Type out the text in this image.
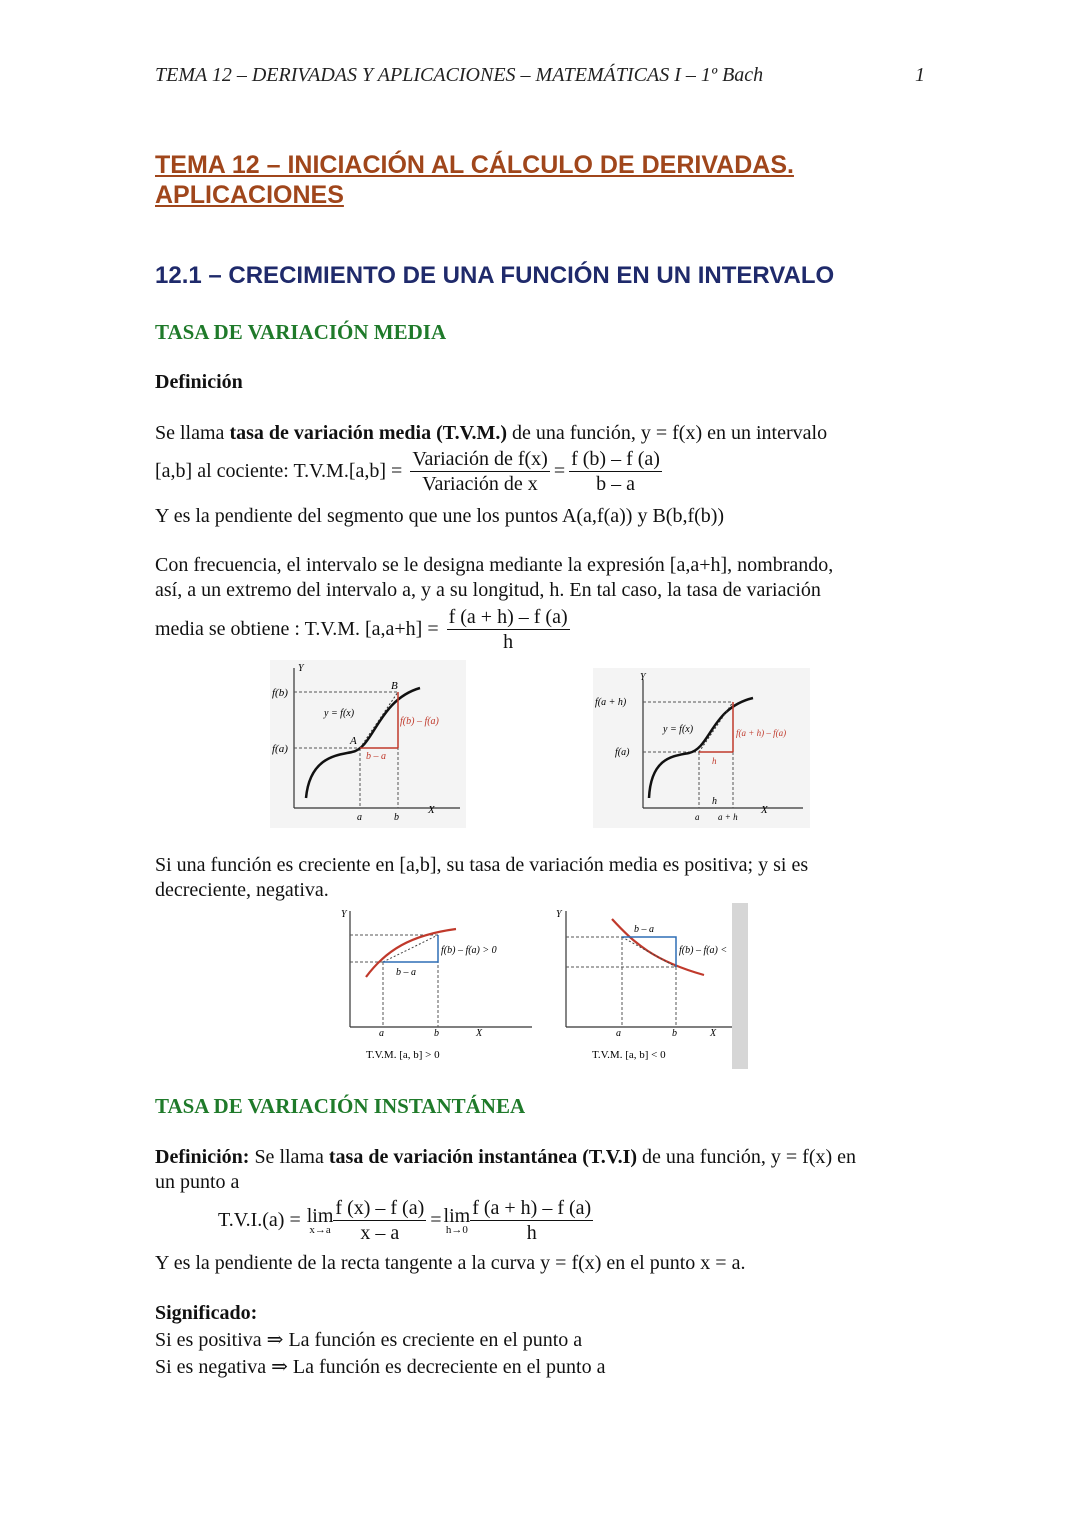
TEMA 12 – DERIVADAS Y APLICACIONES – MATEMÁTICAS I – 1º Bach	1
TEMA 12 – INICIACIÓN AL CÁLCULO DE DERIVADAS.
APLICACIONES
12.1 – CRECIMIENTO DE UNA FUNCIÓN EN UN INTERVALO
TASA DE VARIACIÓN MEDIA
Definición
Se llama tasa de variación media (T.V.M.) de una función, y = f(x) en un intervalo
[a,b] al cociente: $T.V.M.[a,b] = \frac{\text{Variación de f(x)}}{\text{Variación de x}} = \frac{f (b) - f (a)}{b - a}$
Y es la pendiente del segmento que une los puntos A(a,f(a)) y B(b,f(b))
Con frecuencia, el intervalo se le designa mediante la expresión [a,a+h], nombrando,
así, a un extremo del intervalo a, y a su longitud, h. En tal caso, la tasa de variación
media se obtiene : T.V.M. $[a,a+h] = \frac{f (a + h) - f (a)}{h}$
Y
X
f(b)
f(a)
y = f(x)
A
B
f(b) – f(a)
b – a
a	b
Y
X
f(a + h)
f(a)
y = f(x)	f(a + h) – f(a)
h
h
a a + h
Si una función es creciente en [a,b], su tasa de variación media es positiva; y si es
decreciente, negativa.
Y
X
f(b) – f(a) > 0
b – a
a	b
T.V.M. [a, b] > 0
Y
X
b – a
f(b) – f(a) <
a	b
T.V.M. [a, b] < 0
TASA DE VARIACIÓN INSTANTÁNEA
Definición: Se llama tasa de variación instantánea (T.V.I) de una función, y = f(x) en
un punto a
T.V.I.(a) = lim
$x\to a \frac{f (x) - f (a)}{x - a} = \lim$
$h\to 0 \frac{f (a + h) - f (a)}{h}$
Y es la pendiente de la recta tangente a la curva y = f(x) en el punto x = a.
Significado:
Si es positiva ⇒ La función es creciente en el punto a
Si es negativa ⇒ La función es decreciente en el punto a
